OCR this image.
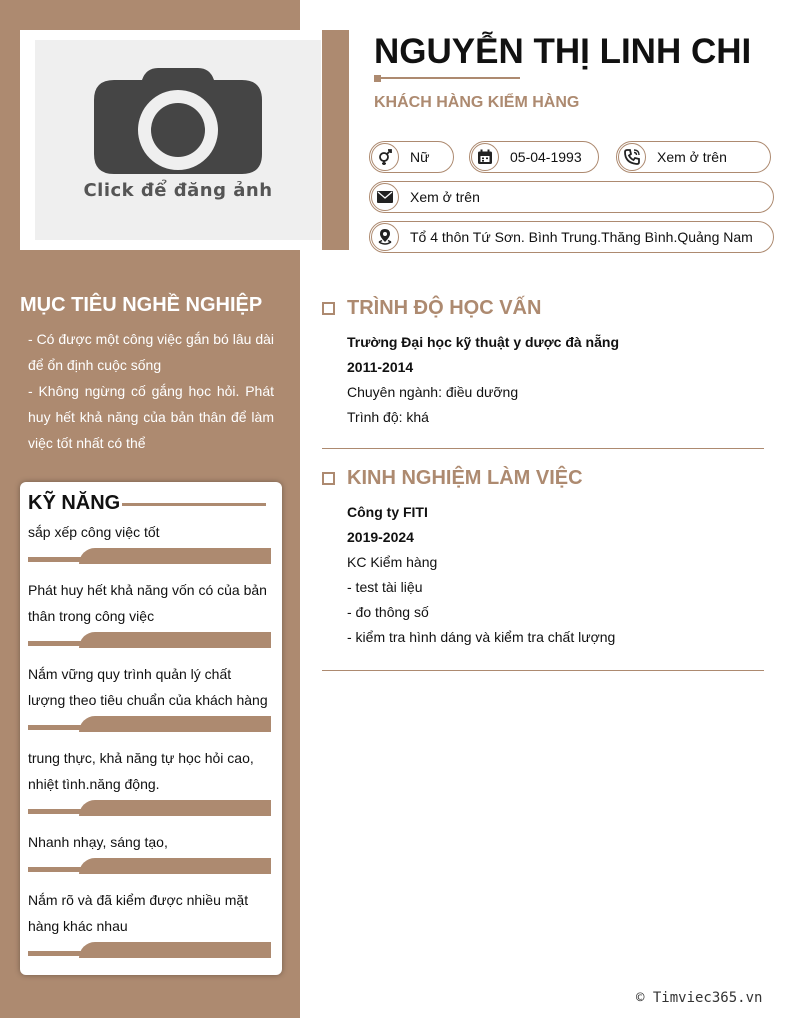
Click để đăng ảnh
MỤC TIÊU NGHỀ NGHIỆP

- Có được một công việc gắn bó lâu dài để ổn định cuộc sống

- Không ngừng cố gắng học hỏi. Phát huy hết khả năng của bản thân để làm việc tốt nhất có thể

KỸ NĂNG
sắp xếp công việc tốt
Phát huy hết khả năng vốn có của bản thân trong công việc
Nắm vững quy trình quản lý chất lượng theo tiêu chuẩn của khách hàng
trung thực, khả năng tự học hỏi cao, nhiệt tình.năng động.
Nhanh nhạy, sáng tạo,
Nắm rõ và đã kiểm được nhiều mặt hàng khác nhau
NGUYỄN THỊ LINH CHI
KHÁCH HÀNG KIỂM HÀNG
Nữ	05-04-1993	Xem ở trên
Xem ở trên
Tổ 4 thôn Tứ Sơn. Bình Trung.Thăng Bình.Quảng Nam
TRÌNH ĐỘ HỌC VẤN
Trường Đại học kỹ thuật y dược đà nẵng
2011-2014
Chuyên ngành: điều dưỡng
Trình độ: khá
KINH NGHIỆM LÀM VIỆC
Công ty FITI
2019-2024
KC Kiểm hàng
- test tài liệu
- đo thông số
- kiểm tra hình dáng và kiểm tra chất lượng
© Timviec365.vn
